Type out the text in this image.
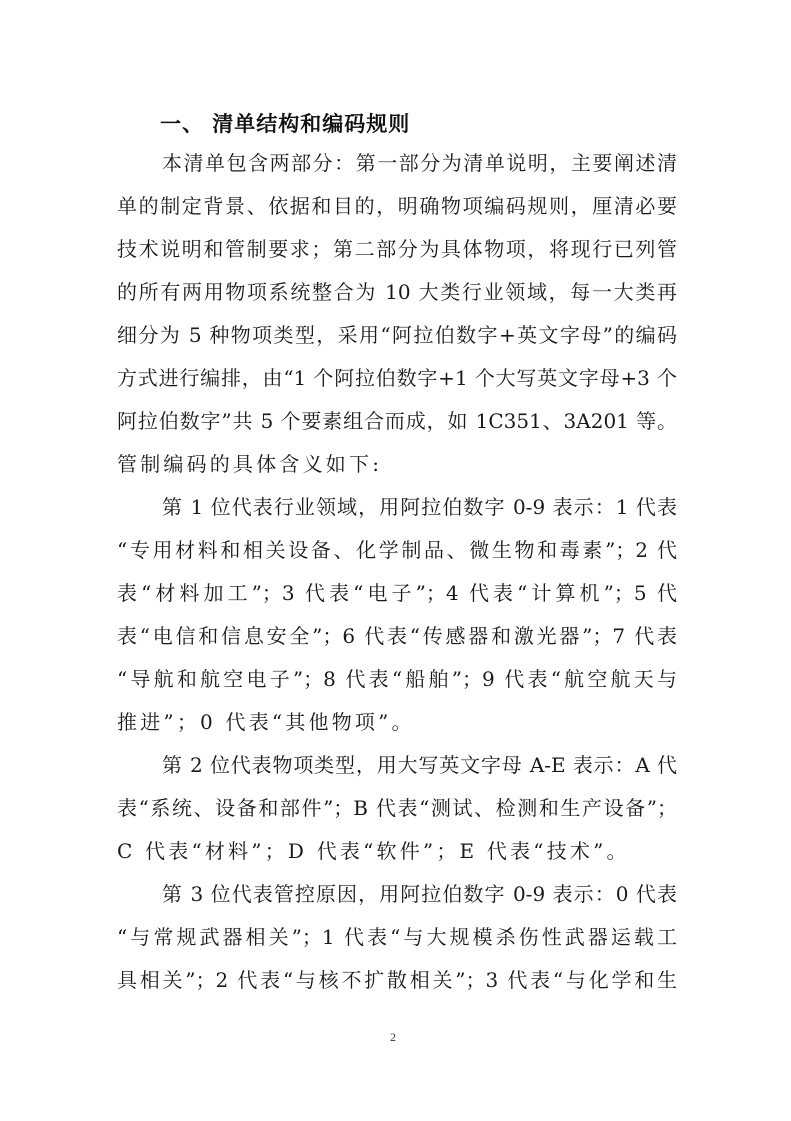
一、 清单结构和编码规则
本清单包含两部分：第一部分为清单说明，主要阐述清
单的制定背景、依据和目的，明确物项编码规则，厘清必要
技术说明和管制要求；第二部分为具体物项，将现行已列管
的所有两用物项系统整合为 10 大类行业领域，每一大类再
细分为 5 种物项类型，采用“阿拉伯数字+英文字母”的编码
方式进行编排，由“1 个阿拉伯数字+1 个大写英文字母+3 个
阿拉伯数字”共 5 个要素组合而成，如 1C351、3A201 等。
管制编码的具体含义如下:
第 1 位代表行业领域，用阿拉伯数字 0-9 表示：1 代表
“专用材料和相关设备、化学制品、微生物和毒素”；2 代
表“材料加工”；3 代表“电子”；4 代表“计算机”；5 代
表“电信和信息安全”；6 代表“传感器和激光器”；7 代表
“导航和航空电子”；8 代表“船舶”；9 代表“航空航天与
推进”；0 代表“其他物项”。
第 2 位代表物项类型，用大写英文字母 A-E 表示：A 代
表“系统、设备和部件”；B 代表“测试、检测和生产设备”；
C 代表“材料”；D 代表“软件”；E 代表“技术”。
第 3 位代表管控原因，用阿拉伯数字 0-9 表示：0 代表
“与常规武器相关”；1 代表“与大规模杀伤性武器运载工
具相关”；2 代表“与核不扩散相关”；3 代表“与化学和生
2
